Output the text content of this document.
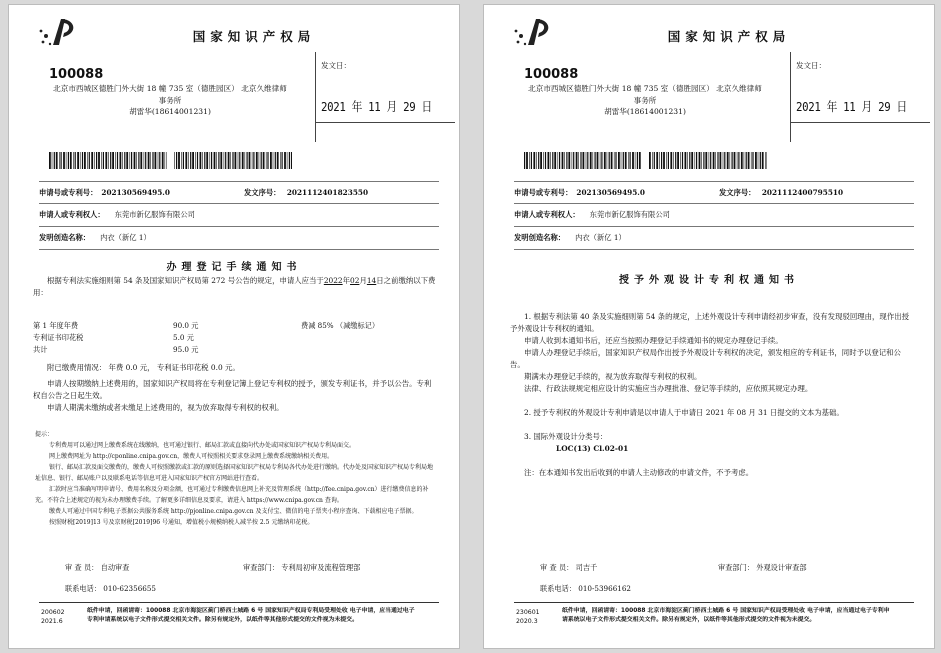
国家知识产权局
100088
北京市西城区德胜门外大街 18 幢 735 室（德胜园区） 北京久维律师
事务所
胡雷华(18614001231)
发文日：
2021 年 11 月 29 日
申请号或专利号： 202130569495.0	发文序号： 2021112401823550
申请人或专利权人： 东莞市新亿服饰有限公司
发明创造名称： 内衣（新亿 1）
办理登记手续通知书
根据专利法实施细则第 54 条及国家知识产权局第 272 号公告的规定，申请人应当于2022年02月14日之前缴纳以下费用：
第 1 年度年费	90.0 元	费减 85% （减缴标记）
专利证书印花税	5.0 元
共计	95.0 元
附已缴费用情况： 年费 0.0 元， 专利证书印花税 0.0 元。
申请人按期缴纳上述费用的，国家知识产权局将在专利登记簿上登记专利权的授予，颁发专利证书，并予以公告。专利权自公告之日起生效。
申请人期满未缴纳或者未缴足上述费用的，视为放弃取得专利权的权利。
提示：
专利费用可以通过网上缴费系统在线缴纳，也可通过银行、邮局汇款或直接向代办处或国家知识产权局专利局面交。
网上缴费网址为 http://cponline.cnipa.gov.cn，缴费人可按照相关要求登录网上缴费系统缴纳相关费用。
银行、邮局汇款及面交缴费的，缴费人可按照缴款或汇款的原则选择国家知识产权局专利局各代办处进行缴纳。代办处及国家知识产权局专利局地址信息、银行、邮局账户以及联系电话等信息可进入国家知识产权官方网站进行查看。
汇款时应当准确写明申请号、费用名称及分项金额，也可通过专利缴费信息网上补充及管理系统（http://fee.cnipa.gov.cn）进行缴费信息的补充。不符合上述规定的视为未办理缴费手续。了解更多详细信息及要求，请进入 https://www.cnipa.gov.cn 查询。
缴费人可通过中国专利电子票据公共服务系统 http://pjonline.cnipa.gov.cn 及支付宝、微信的电子票夹小程序查询、下载相应电子票据。
按照财税[2019]13 号及京财税[2019]96 号通知，增值税小规模纳税人减半按 2.5 元缴纳印花税。
审 查 员： 自动审查	审查部门： 专利局初审及流程管理部
联系电话： 010-62356655
200602
2021.6
纸件申请，回函请寄：100088 北京市海淀区蓟门桥西土城路 6 号 国家知识产权局专利局受理处收 电子申请，应当通过电子专利申请系统以电子文件形式提交相关文件。除另有规定外，以纸件等其他形式提交的文件视为未提交。
国家知识产权局
100088
北京市西城区德胜门外大街 18 幢 735 室（德胜园区） 北京久维律师
事务所
胡雷华(18614001231)
发文日：
2021 年 11 月 29 日
申请号或专利号： 202130569495.0	发文序号： 2021112400795510
申请人或专利权人： 东莞市新亿服饰有限公司
发明创造名称： 内衣（新亿 1）
授予外观设计专利权通知书
1. 根据专利法第 40 条及实施细则第 54 条的规定，上述外观设计专利申请经初步审查，没有发现驳回理由，现作出授予外观设计专利权的通知。
申请人收到本通知书后，还应当按照办理登记手续通知书的规定办理登记手续。
申请人办理登记手续后，国家知识产权局作出授予外观设计专利权的决定，颁发相应的专利证书，同时予以登记和公告。
期满未办理登记手续的，视为放弃取得专利权的权利。
法律、行政法规规定相应设计的实施应当办理批准、登记等手续的，应依照其规定办理。
2. 授予专利权的外观设计专利申请是以申请人于申请日 2021 年 08 月 31 日提交的文本为基础。
3. 国际外观设计分类号：
LOC(13) Cl.02-01
注：在本通知书发出后收到的申请人主动修改的申请文件，不予考虑。
审 查 员： 司吉千	审查部门： 外观设计审查部
联系电话： 010-53966162
230601
2020.3
纸件申请，回函请寄：100088 北京市海淀区蓟门桥西土城路 6 号 国家知识产权局受理处收 电子申请，应当通过电子专利申请系统以电子文件形式提交相关文件。除另有规定外，以纸件等其他形式提交的文件视为未提交。
